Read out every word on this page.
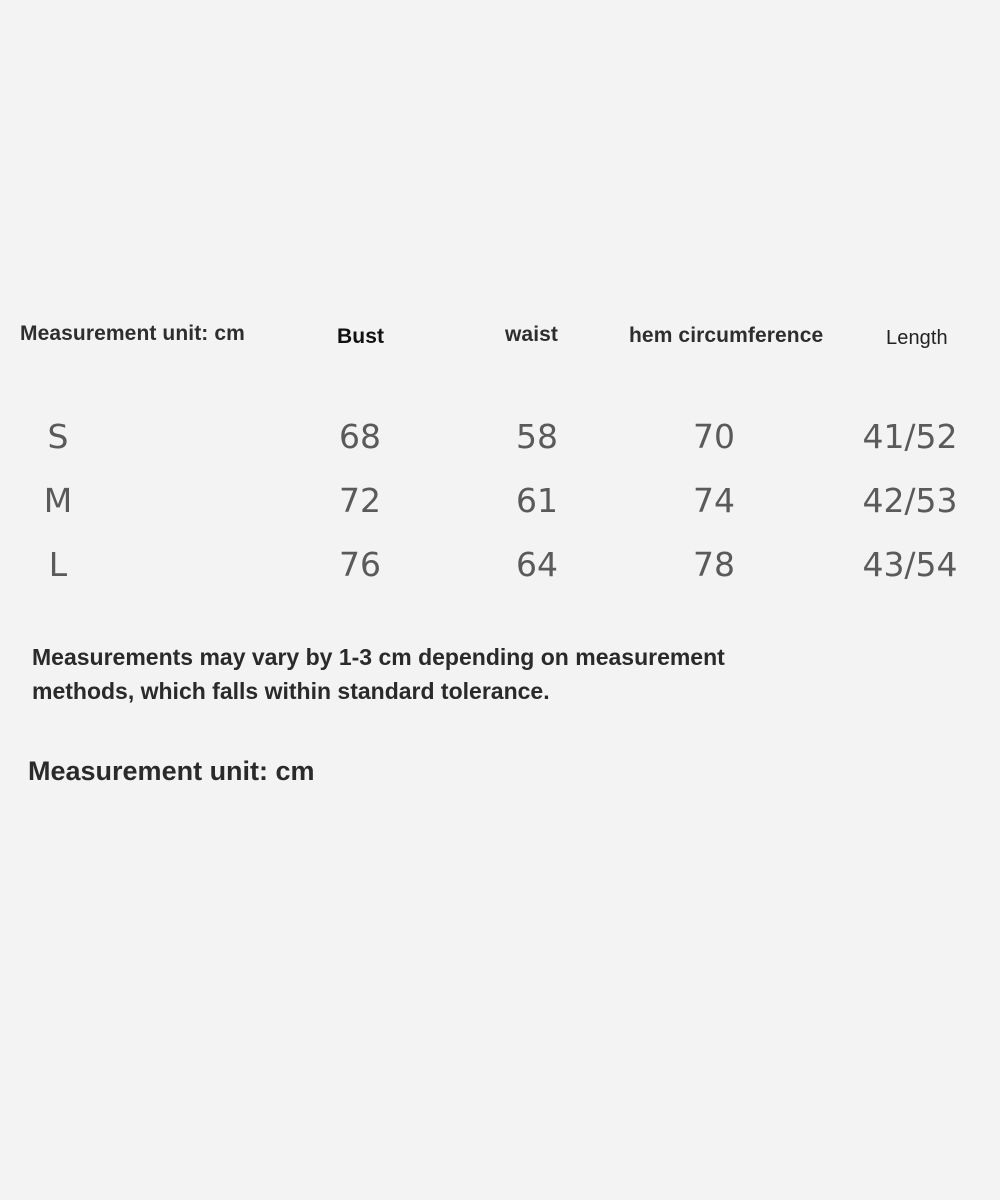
Measurement unit: cm	Bust	waist	hem circumference	Length
S	68	58	70	41/52
M	72	61	74	42/53
L	76	64	78	43/54
Measurements may vary by 1-3 cm depending on measurement methods, which falls within standard tolerance.
Measurement unit: cm
